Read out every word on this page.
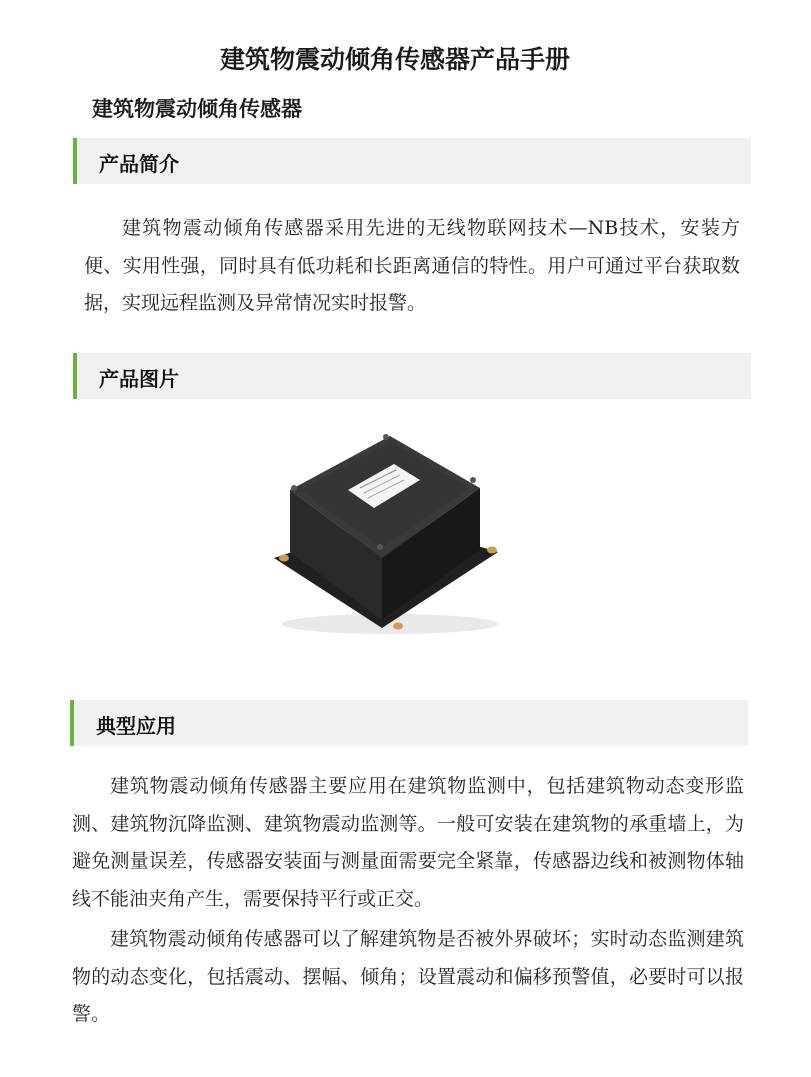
建筑物震动倾角传感器产品手册
建筑物震动倾角传感器
产品简介

建筑物震动倾角传感器采用先进的无线物联网技术—NB技术，安装方便、实用性强，同时具有低功耗和长距离通信的特性。用户可通过平台获取数据，实现远程监测及异常情况实时报警。

产品图片
典型应用

建筑物震动倾角传感器主要应用在建筑物监测中，包括建筑物动态变形监测、建筑物沉降监测、建筑物震动监测等。一般可安装在建筑物的承重墙上，为避免测量误差，传感器安装面与测量面需要完全紧靠，传感器边线和被测物体轴线不能油夹角产生，需要保持平行或正交。

建筑物震动倾角传感器可以了解建筑物是否被外界破坏；实时动态监测建筑物的动态变化，包括震动、摆幅、倾角；设置震动和偏移预警值，必要时可以报警。
